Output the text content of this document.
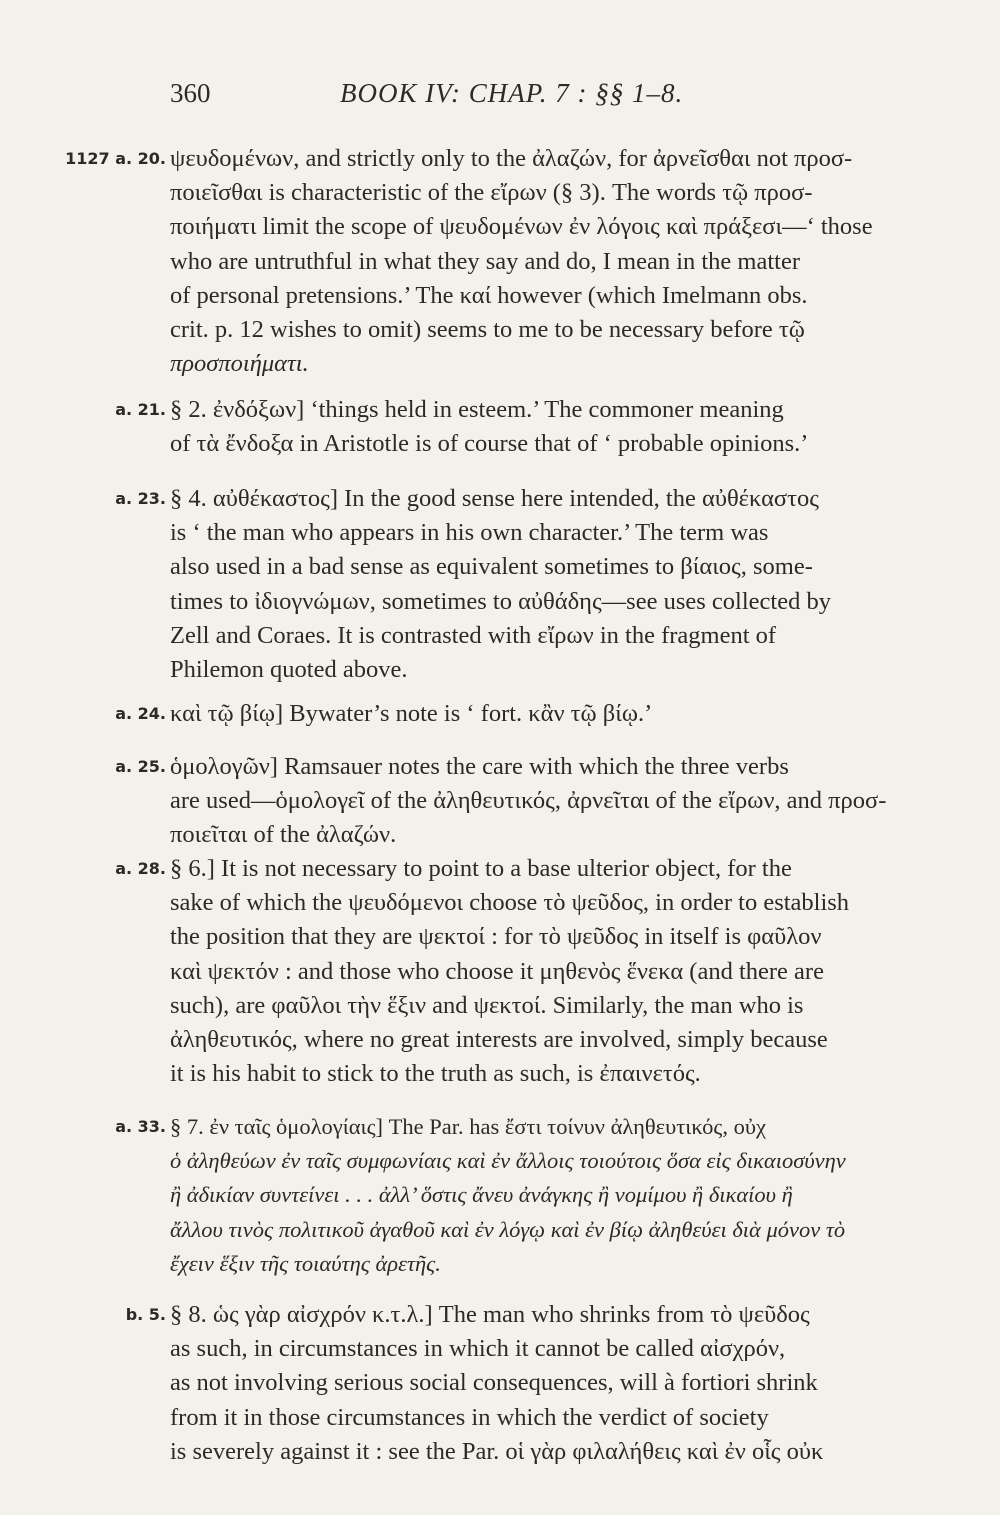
360	BOOK IV: CHAP. 7 : §§ 1–8.
1127 a. 20. ψευδομένων, and strictly only to the ἀλαζών, for ἀρνεῖσθαι not προσ-
ποιεῖσθαι is characteristic of the εἴρων (§ 3). The words τῷ προσ-
ποιήματι limit the scope of ψευδομένων ἐν λόγοις καὶ πράξεσι—‘ those
who are untruthful in what they say and do, I mean in the matter
of personal pretensions.’ The καί however (which Imelmann obs.
crit. p. 12 wishes to omit) seems to me to be necessary before τῷ
προσποιήματι.
a. 21. § 2. ἐνδόξων] ‘things held in esteem.’ The commoner meaning
of τὰ ἔνδοξα in Aristotle is of course that of ‘ probable opinions.’
a. 23. § 4. αὐθέκαστος] In the good sense here intended, the αὐθέκαστος
is ‘ the man who appears in his own character.’ The term was
also used in a bad sense as equivalent sometimes to βίαιος, some-
times to ἰδιογνώμων, sometimes to αὐθάδης—see uses collected by
Zell and Coraes. It is contrasted with εἴρων in the fragment of
Philemon quoted above.
a. 24. καὶ τῷ βίῳ] Bywater’s note is ‘ fort. κἂν τῷ βίῳ.’
a. 25. ὁμολογῶν] Ramsauer notes the care with which the three verbs
are used—ὁμολογεῖ of the ἀληθευτικός, ἀρνεῖται of the εἴρων, and προσ-
ποιεῖται of the ἀλαζών.
a. 28. § 6.] It is not necessary to point to a base ulterior object, for the
sake of which the ψευδόμενοι choose τὸ ψεῦδος, in order to establish
the position that they are ψεκτοί : for τὸ ψεῦδος in itself is φαῦλον
καὶ ψεκτόν : and those who choose it μηθενὸς ἕνεκα (and there are
such), are φαῦλοι τὴν ἕξιν and ψεκτοί. Similarly, the man who is
ἀληθευτικός, where no great interests are involved, simply because
it is his habit to stick to the truth as such, is ἐπαινετός.
a. 33. § 7. ἐν ταῖς ὁμολογίαις] The Par. has ἔστι τοίνυν ἀληθευτικός, οὐχ
ὁ ἀληθεύων ἐν ταῖς συμφωνίαις καὶ ἐν ἄλλοις τοιούτοις ὅσα εἰς δικαιοσύνην
ἢ ἀδικίαν συντείνει . . . ἀλλ’ ὅστις ἄνευ ἀνάγκης ἢ νομίμου ἢ δικαίου ἢ
ἄλλου τινὸς πολιτικοῦ ἀγαθοῦ καὶ ἐν λόγῳ καὶ ἐν βίῳ ἀληθεύει διὰ μόνον τὸ
ἔχειν ἕξιν τῆς τοιαύτης ἀρετῆς.
b. 5. § 8. ὡς γὰρ αἰσχρόν κ.τ.λ.] The man who shrinks from τὸ ψεῦδος
as such, in circumstances in which it cannot be called αἰσχρόν,
as not involving serious social consequences, will à fortiori shrink
from it in those circumstances in which the verdict of society
is severely against it : see the Par. οἱ γὰρ φιλαλήθεις καὶ ἐν οἷς οὐκ
